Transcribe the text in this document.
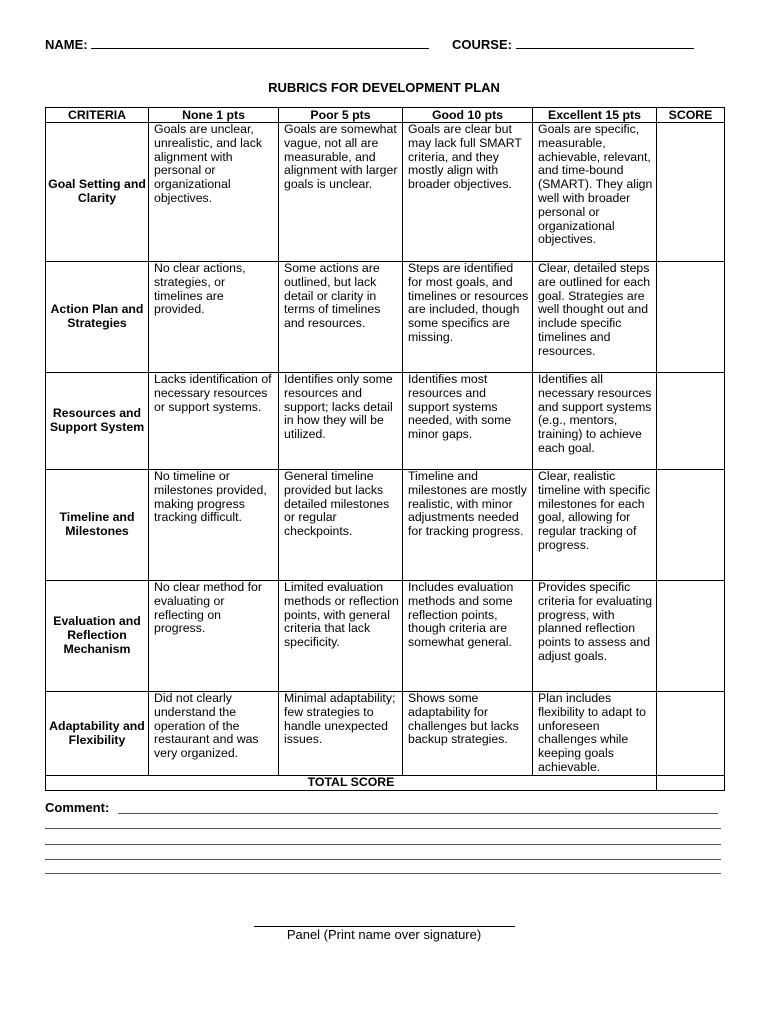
NAME:	COURSE:
RUBRICS FOR DEVELOPMENT PLAN
CRITERIA	None 1 pts	Poor 5 pts	Good 10 pts	Excellent 15 pts	SCORE
Goal Setting and Clarity	Goals are unclear, unrealistic, and lack alignment with personal or organizational objectives.	Goals are somewhat vague, not all are measurable, and alignment with larger goals is unclear.	Goals are clear but may lack full SMART criteria, and they mostly align with broader objectives.	Goals are specific, measurable, achievable, relevant, and time-bound (SMART). They align well with broader personal or organizational objectives.	
Action Plan and Strategies	No clear actions, strategies, or timelines are provided.	Some actions are outlined, but lack detail or clarity in terms of timelines and resources.	Steps are identified for most goals, and timelines or resources are included, though some specifics are missing.	Clear, detailed steps are outlined for each goal. Strategies are well thought out and include specific timelines and resources.	
Resources and Support System	Lacks identification of necessary resources or support systems.	Identifies only some resources and support; lacks detail in how they will be utilized.	Identifies most resources and support systems needed, with some minor gaps.	Identifies all necessary resources and support systems (e.g., mentors, training) to achieve each goal.	
Timeline and Milestones	No timeline or milestones provided, making progress tracking difficult.	General timeline provided but lacks detailed milestones or regular checkpoints.	Timeline and milestones are mostly realistic, with minor adjustments needed for tracking progress.	Clear, realistic timeline with specific milestones for each goal, allowing for regular tracking of progress.	
Evaluation and Reflection Mechanism	No clear method for evaluating or reflecting on progress.	Limited evaluation methods or reflection points, with general criteria that lack specificity.	Includes evaluation methods and some reflection points, though criteria are somewhat general.	Provides specific criteria for evaluating progress, with planned reflection points to assess and adjust goals.	
Adaptability and Flexibility	Did not clearly understand the operation of the restaurant and was very organized.	Minimal adaptability; few strategies to handle unexpected issues.	Shows some adaptability for challenges but lacks backup strategies.	Plan includes flexibility to adapt to unforeseen challenges while keeping goals achievable.	
TOTAL SCORE					
Comment:
Panel (Print name over signature)
